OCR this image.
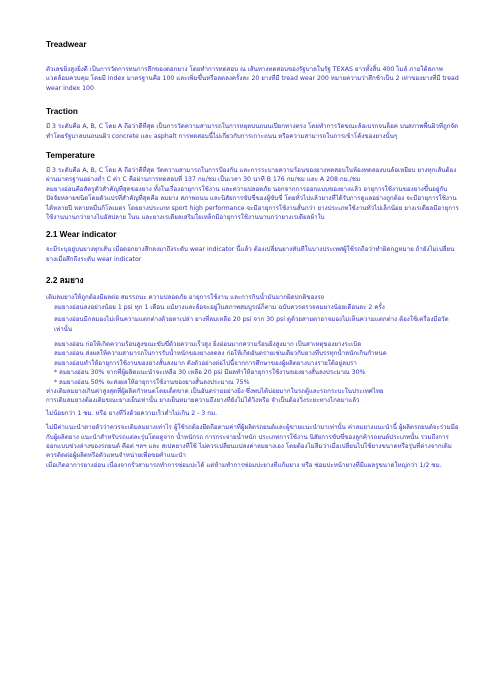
Treadwear

ตัวเลขยิ่งสูงยิ่งดี เป็นการวัดการทนการสึกของดอกยาง โดยทำการทดสอบ ณ เส้นทางทดสอบของรัฐบาลในรัฐ TEXAS ยาวทั้งสิ้น 400 ไมล์ ภายใต้สภาพแวดล้อมควบคุม โดยมี index มาตรฐานคือ 100 และเพิ่มขึ้นหรือลดลงครั้งละ 20 ยางที่มี tread wear 200 หมายความว่าสึกช้าเป็น 2 เท่าของยางที่มี tread wear index 100

Traction

มี 3 ระดับคือ A, B, C โดย A ถือว่าดีที่สุด เป็นการวัดความสามารถในการหยุดบนถนนเปียกทางตรง โดยทำการวัดขณะล้อเบรกจนล็อค บนสภาพพื้นผิวที่ถูกจัดทำโดยรัฐบาลบนถนนผิว concrete และ asphalt การทดสอบนี้ไม่เกี่ยวกับการเกาะถนน หรือความสามารถในการเข้าโค้งของยางนั้นๆ

Temperature

มี 3 ระดับคือ A, B, C โดย A ถือว่าดีที่สุด วัดความสามารถในการป้องกัน และการระบายความร้อนของยางทดสอบในห้องทดลองบนล้อเหยียบ ยางทุกเส้นต้องผ่านมาตรฐานอย่างต่ำ C ค่า C คือผ่านการทดสอบที่ 137 กม/ชม เป็นเวลา 30 นาที B 176 กม/ชม และ A 208 กม./ชม

ลมยางอ่อนคือสัตรูตัวสำคัญที่สุดของยาง ทั้งในเรื่องอายุการใช้งาน และความปลอดภัย นอกจากการออกแบบของยางแล้ว อายุการใช้งานของยางขึ้นอยู่กับ ปัจจัยหลายชนิดโดยตัวแปรที่สำคัญที่สุดคือ ลมยาง สภาพถนน และนิสัยการขับขี่ของผู้ขับขี่ โดยทั่วไปแล้วยางที่ได้รับการดูแลอย่างถูกต้อง จะมีอายุการใช้งานได้หลายปี หลายหมื่นกิโลเมตร โดยยางประเภท sport high performance จะมีอายุการใช้งานสั้นกว่า ยางประเภทใช้งานทั่วไปเล็กน้อย ยางเรเดียลมีอายุการใช้งานนานกว่ายางไบอัสปลาย ในน และยางเรเดียลเสริมใยเหล็กมีอายุการใช้งานนานกว่ายางเรเดียลผ้าใบ

2.1 Wear indicator

จะมีระบุอยู่บนยางทุกเส้น เมื่อดอกยางสึกลงมาถึงระดับ wear indicator นี้แล้ว ต้องเปลี่ยนยางทันทีในบางประเทศผู้ใช้รถถือว่าทำผิดกฎหมาย ถ้ายังไม่เปลี่ยนยางเมื่อสึกถึงระดับ wear indicator

2.2 ลมยาง

เติมลมยางให้ถูกต้องมีผลต่อ สมรรถนะ ความปลอดภัย อายุการใช้งาน และการกินน้ำมันมากผิดปกติของรถ

ลมยางอ่อนลงอย่างน้อย 1 psi ทุก 1 เดือน แม้ยางและล้อจะอยู่ในสภาพสมบูรณ์ก็ตาม ฉบับควรตรวจลมยางน้อยเดือนละ 2 ครั้ง

ลมยางอ่อนมีกลมองไม่เห็นความแตกต่างด้วยตาเปล่า ยางที่ลมเหลือ 20 psi จาก 30 psi ดูด้วยสายตาอาจมองไม่เห็นความแตกต่าง ต้องใช้เครื่องมือวัดเท่านั้น

ลมยางอ่อน ก่อให้เกิดความร้อนสูงขณะขับขี่ด้วยความเร็วสูง ยิ่งอ่อนมากความร้อนยิ่งสูงมาก เป็นสาเหตุของยางระเบิด

ลมยางอ่อน ส่งผลให้ความสามารถในการรับน้ำหนักของยางลดลง ก่อให้เกิดอันตรายเช่นเดียวกับยางที่บรรทุกน้ำหนักเกินกำหนด

ลมยางอ่อนทำให้อายุการใช้งานของยางสั้นลงมาก ดังตัวอย่างต่อไปนี้จากการศึกษาของผู้ผลิตยางบางรายใต้อยู่ลมรา

* ลมยางอ่อน 30% จากที่ผู้ผลิตแนะนำจะเหลือ 30 เหลือ 20 psi มีผลทำให้อายุการใช้งานของยางสั้นลงประมาณ 30%

* ลมยางอ่อน 50% จะส่งผลให้อายุการใช้งานของยางสั้นลงประมาณ 75%

ห่างเติมลมยางเกินค่าสูงสุดที่ผู้ผลิตกำหนดโดยเด็ดขาด เป็นอันตรายอย่างยิ่ง ซึ่งพบได้บ่อยมากในรถตู้และรถกระบะในประเทศไทย

การเติมลมยางต้องเติมขณะยางเย็นเท่านั้น ยางเย็นหมายความถึงยางที่ยังไม่ได้วิ่งหรือ จำเป็นต้องวิ่งระยะทางไกลมาแล้ว

ไม่น้อยกว่า 1 ซม. หรือ ยางที่วิ่งด้วยความเร็วต่ำไม่เกิน 2 - 3 กม.

ไม่มีค่าแนะนำตายตัวว่าควรจะเติมลมยางเท่าไร ผู้ใช้รถต้องยึดถือตามค่าที่ผู้ผลิตรถยนต์และผู้ขายแนะนำมาเท่านั้น ค่าลมยางแนะนำนี้ ผู้ผลิตรถยนต์จะร่วมมือกับผู้ผลิตยาง แนะนำสำหรับรถแต่ละรุ่นโดยดูจาก น้ำหนักรถ การกระจายน้ำหนัก ประเภทการใช้งาน นิสัยการขับขี่ของลูกค้ารถยนต์ประเภทนั้น รวมถึงการออกแบบช่วงล่างของรถยนต์ คือต่ ฯลฯ และ สเปคยางที่ใช้ ไม่ควรเปลี่ยนแปลงค่าลมยางเอง โดยต้องไม่ลืมว่าเมื่อเปลี่ยนไปใช้ยางขนาดหรือรุ่นที่ต่างจากเดิม ควรติดต่อผู้ผลิตหรือตัวแทนจำหน่ายเพื่อขอคำแนะนำ

เมื่อเกิดอาการยางอ่อน เนื่องจากรั่วสามารถทำการซ่อมปะได้ แต่ห้ามทำการซ่อมปะยางที่แก้มยาง หรือ ซ่อมปะหน้ายางที่มีแผลรูขนาดใหญ่กว่า 1/2 ซม.
